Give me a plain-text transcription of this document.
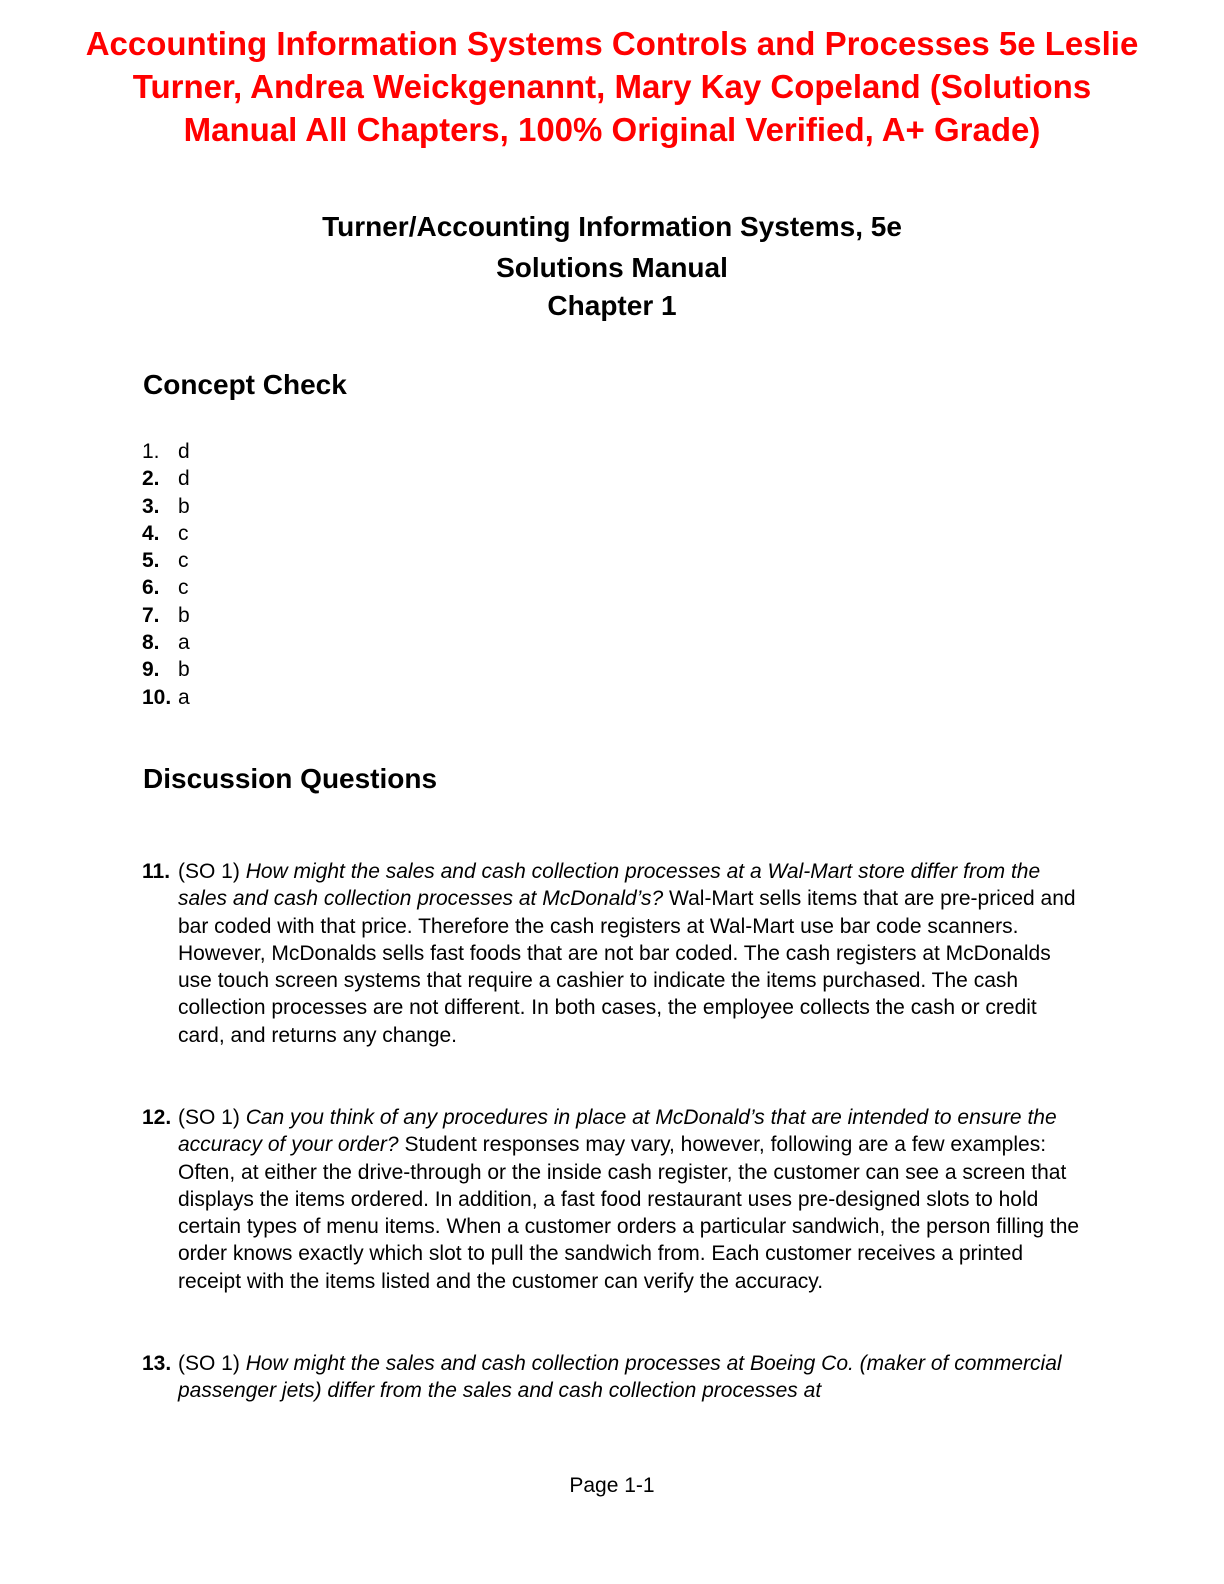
Accounting Information Systems Controls and Processes 5e Leslie
Turner, Andrea Weickgenannt, Mary Kay Copeland (Solutions
Manual All Chapters, 100% Original Verified, A+ Grade)
Turner/Accounting Information Systems, 5e
Solutions Manual
Chapter 1
Concept Check
1. d
2. d
3. b
4. c
5. c
6. c
7. b
8. a
9. b
10. a
Discussion Questions
11. (SO 1) How might the sales and cash collection processes at a Wal-Mart store differ from the sales and cash collection processes at McDonald’s? Wal-Mart sells items that are pre-priced and bar coded with that price. Therefore the cash registers at Wal-Mart use bar code scanners. However, McDonalds sells fast foods that are not bar coded. The cash registers at McDonalds use touch screen systems that require a cashier to indicate the items purchased. The cash collection processes are not different. In both cases, the employee collects the cash or credit card, and returns any change.
12. (SO 1) Can you think of any procedures in place at McDonald’s that are intended to ensure the accuracy of your order? Student responses may vary, however, following are a few examples: Often, at either the drive-through or the inside cash register, the customer can see a screen that displays the items ordered. In addition, a fast food restaurant uses pre-designed slots to hold certain types of menu items. When a customer orders a particular sandwich, the person filling the order knows exactly which slot to pull the sandwich from. Each customer receives a printed receipt with the items listed and the customer can verify the accuracy.
13. (SO 1) How might the sales and cash collection processes at Boeing Co. (maker of commercial passenger jets) differ from the sales and cash collection processes at
Page 1-1
